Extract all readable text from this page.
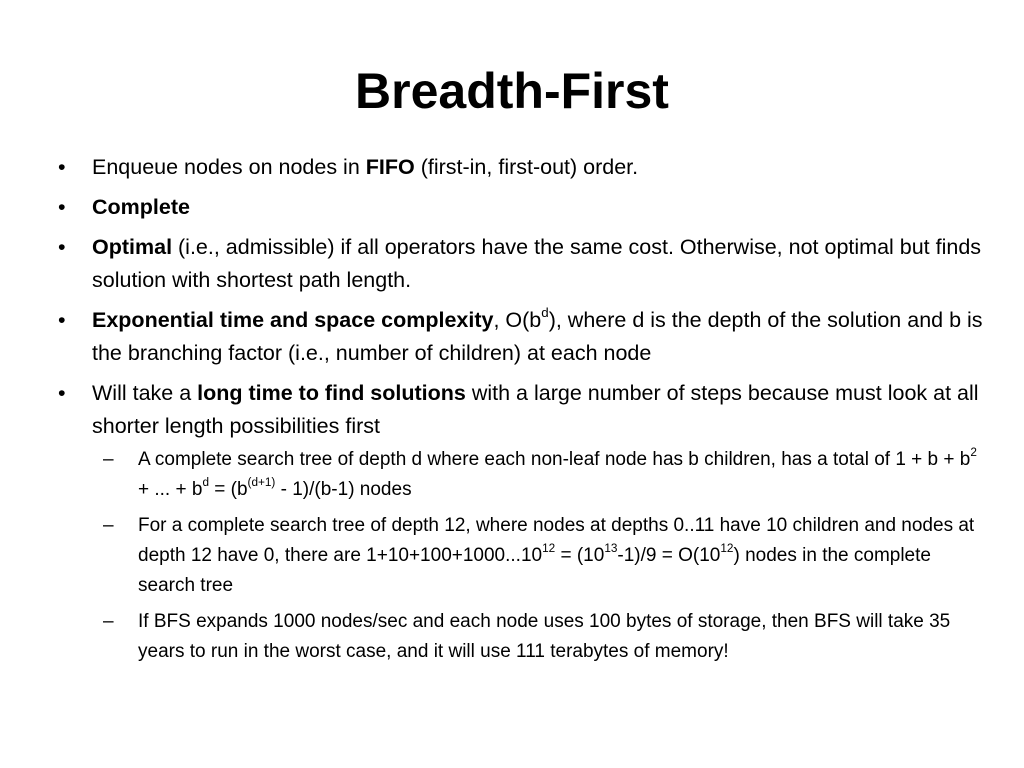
Breadth-First
• Enqueue nodes on nodes in FIFO (first-in, first-out) order.
• Complete
• Optimal (i.e., admissible) if all operators have the same cost. Otherwise, not optimal but finds solution with shortest path length.
• Exponential time and space complexity, $O(b^d)$, where d is the depth of the solution and b is the branching factor (i.e., number of children) at each node
• Will take a long time to find solutions with a large number of steps because must look at all shorter length possibilities first
– A complete search tree of depth d where each non-leaf node has b children, has a total of $1 + b + b^2$ + ... + $b^d = (b^{(d+1)} - 1)/(b-1)$ nodes
– For a complete search tree of depth 12, where nodes at depths 0..11 have 10 children and nodes at depth 12 have 0, there are $1+10+100+1000...10^{12} = (10^{13}-1)/9 = O(10^{12})$ nodes in the complete search tree
– If BFS expands 1000 nodes/sec and each node uses 100 bytes of storage, then BFS will take 35 years to run in the worst case, and it will use 111 terabytes of memory!
